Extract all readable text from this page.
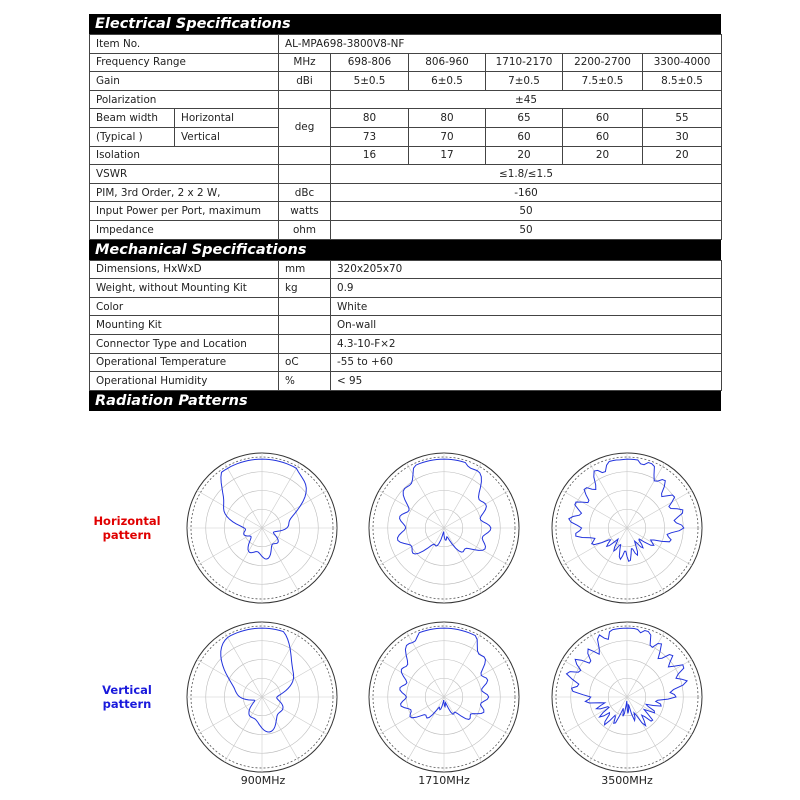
Electrical Specifications
Item No.		AL-MPA698-3800V8-NF					
Frequency Range		MHz	698-806	806-960	1710-2170	2200-2700	3300-4000
Gain		dBi	5±0.5	6±0.5	7±0.5	7.5±0.5	8.5±0.5
Polarization			±45				
Beam width	Horizontal	deg	80	80	65	60	55
(Typical )	Vertical		73	70	60	60	30
Isolation			16	17	20	20	20
VSWR			≤1.8/≤1.5				
PIM, 3rd Order, 2 x 2 W,		dBc	-160				
Input Power per Port, maximum		watts	50				
Impedance		ohm	50				
Mechanical Specifications
Dimensions, HxWxD	mm	320x205x70
Weight, without Mounting Kit	kg	0.9
Color		White
Mounting Kit		On-wall
Connector Type and Location		4.3-10-F×2
Operational Temperature	oC	-55 to +60
Operational Humidity	%	< 95
Radiation Patterns
Horizontal
pattern
Vertical
pattern
900MHz	1710MHz	3500MHz
